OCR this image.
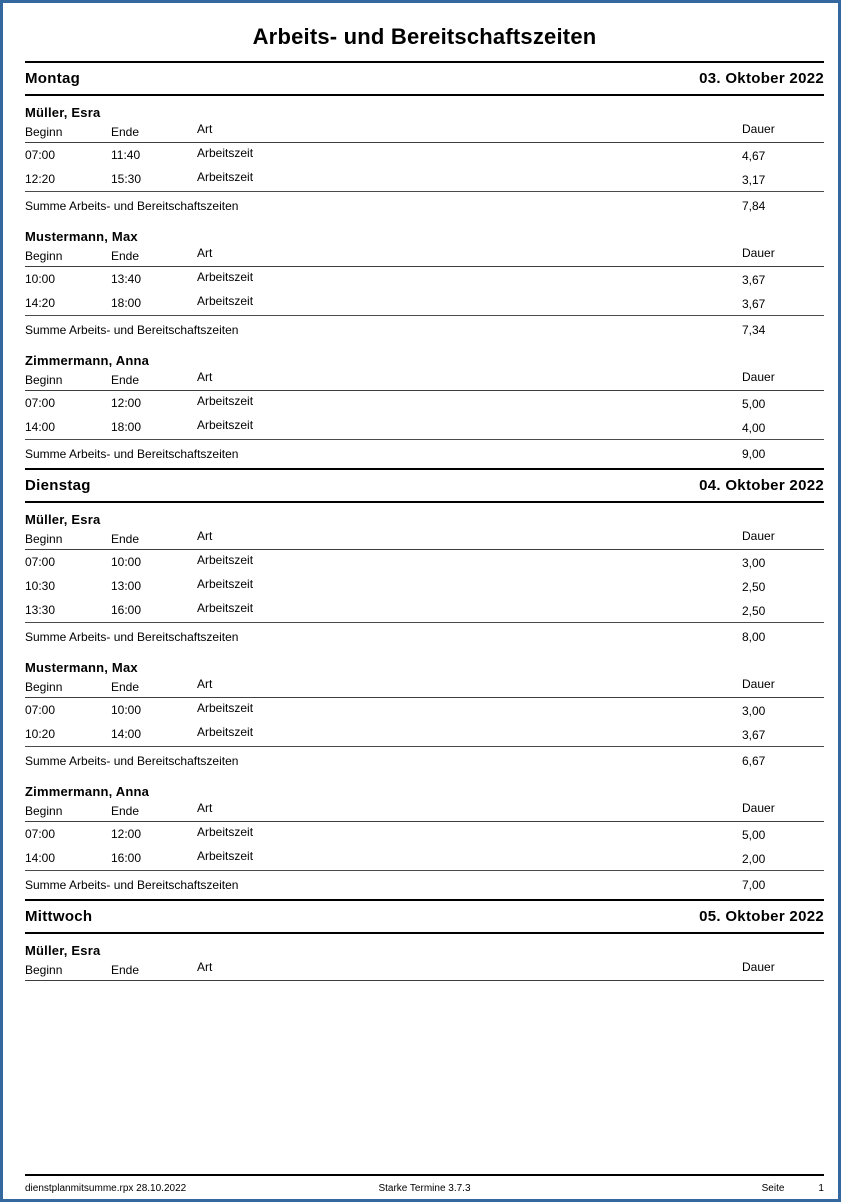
Arbeits- und Bereitschaftszeiten
Montag	03. Oktober 2022
Müller, Esra
Beginn	Ende	Art	Dauer
07:00	11:40	Arbeitszeit	4,67
12:20	15:30	Arbeitszeit	3,17
Summe Arbeits- und Bereitschaftszeiten	7,84
Mustermann, Max
Beginn	Ende	Art	Dauer
10:00	13:40	Arbeitszeit	3,67
14:20	18:00	Arbeitszeit	3,67
Summe Arbeits- und Bereitschaftszeiten	7,34
Zimmermann, Anna
Beginn	Ende	Art	Dauer
07:00	12:00	Arbeitszeit	5,00
14:00	18:00	Arbeitszeit	4,00
Summe Arbeits- und Bereitschaftszeiten	9,00
Dienstag	04. Oktober 2022
Müller, Esra
Beginn	Ende	Art	Dauer
07:00	10:00	Arbeitszeit	3,00
10:30	13:00	Arbeitszeit	2,50
13:30	16:00	Arbeitszeit	2,50
Summe Arbeits- und Bereitschaftszeiten	8,00
Mustermann, Max
Beginn	Ende	Art	Dauer
07:00	10:00	Arbeitszeit	3,00
10:20	14:00	Arbeitszeit	3,67
Summe Arbeits- und Bereitschaftszeiten	6,67
Zimmermann, Anna
Beginn	Ende	Art	Dauer
07:00	12:00	Arbeitszeit	5,00
14:00	16:00	Arbeitszeit	2,00
Summe Arbeits- und Bereitschaftszeiten	7,00
Mittwoch	05. Oktober 2022
Müller, Esra
Beginn	Ende	Art	Dauer
dienstplanmitsumme.rpx 28.10.2022	Starke Termine 3.7.3	Seite	1
